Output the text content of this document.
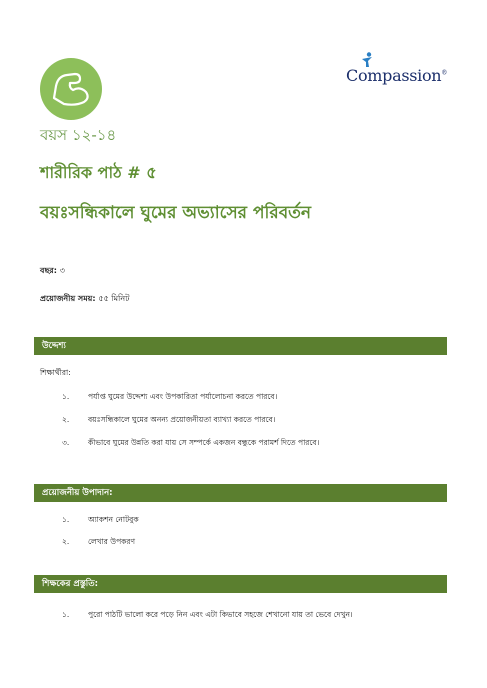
Compassion®
বয়স ১২-১৪
শারীরিক পাঠ # ৫
বয়ঃসন্ধিকালে ঘুমের অভ্যাসের পরিবর্তন
বছর: ৩
প্রয়োজনীয় সময়: ৫৫ মিনিট
উদ্দেশ্য
শিক্ষার্থীরা:
১. পর্যাপ্ত ঘুমের উদ্দেশ্য এবং উপকারিতা পর্যালোচনা করতে পারবে।
২. বয়ঃসন্ধিকালে ঘুমের অনন্য প্রয়োজনীয়তা ব্যাখ্যা করতে পারবে।
৩. কীভাবে ঘুমের উন্নতি করা যায় সে সম্পর্কে একজন বন্ধুকে পরামর্শ দিতে পারবে।
প্রয়োজনীয় উপাদান:
১. অ্যাকশন নোটবুক
২. লেখার উপকরণ
শিক্ষকের প্রস্তুতি:
১. পুরো পাঠটি ভালো করে পড়ে নিন এবং এটা কিভাবে সহজে শেখানো যায় তা ভেবে দেখুন।
